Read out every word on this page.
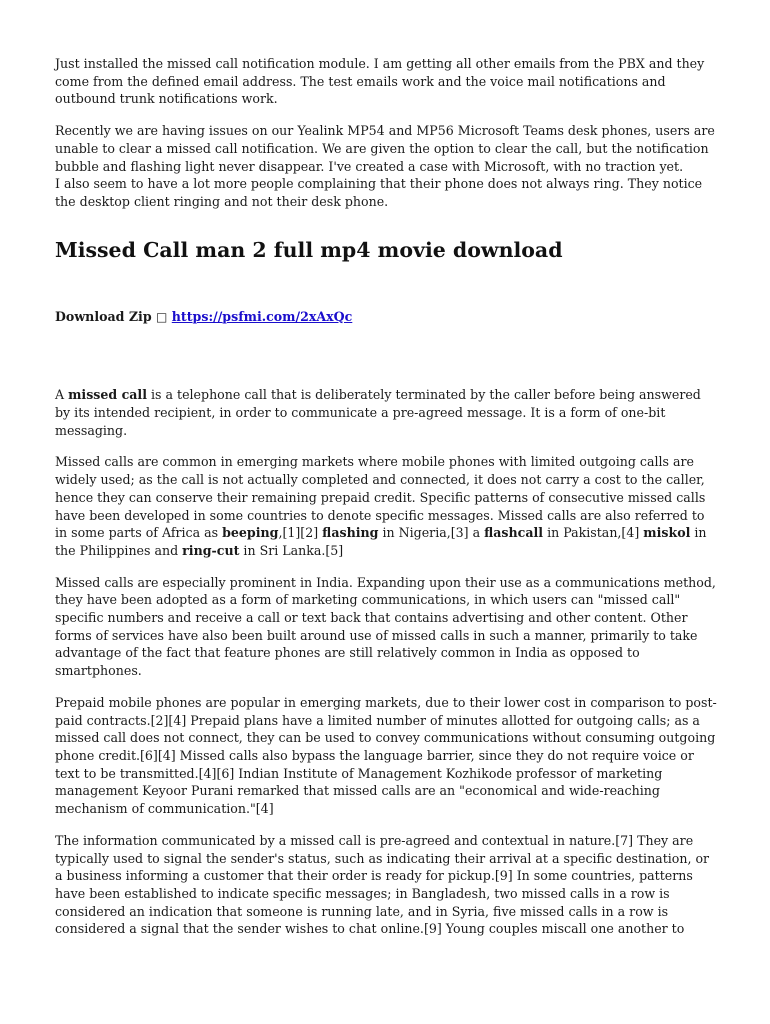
Just installed the missed call notification module. I am getting all other emails from the PBX and they come from the defined email address. The test emails work and the voice mail notifications and outbound trunk notifications work.

Recently we are having issues on our Yealink MP54 and MP56 Microsoft Teams desk phones, users are unable to clear a missed call notification. We are given the option to clear the call, but the notification bubble and flashing light never disappear. I've created a case with Microsoft, with no traction yet.

I also seem to have a lot more people complaining that their phone does not always ring. They notice the desktop client ringing and not their desk phone.

Missed Call man 2 full mp4 movie download
Download Zip □ https://psfmi.com/2xAxQc

A missed call is a telephone call that is deliberately terminated by the caller before being answered by its intended recipient, in order to communicate a pre-agreed message. It is a form of one-bit messaging.

Missed calls are common in emerging markets where mobile phones with limited outgoing calls are widely used; as the call is not actually completed and connected, it does not carry a cost to the caller, hence they can conserve their remaining prepaid credit. Specific patterns of consecutive missed calls have been developed in some countries to denote specific messages. Missed calls are also referred to in some parts of Africa as beeping,[1][2] flashing in Nigeria,[3] a flashcall in Pakistan,[4] miskol in the Philippines and ring-cut in Sri Lanka.[5]

Missed calls are especially prominent in India. Expanding upon their use as a communications method, they have been adopted as a form of marketing communications, in which users can "missed call" specific numbers and receive a call or text back that contains advertising and other content. Other forms of services have also been built around use of missed calls in such a manner, primarily to take advantage of the fact that feature phones are still relatively common in India as opposed to smartphones.

Prepaid mobile phones are popular in emerging markets, due to their lower cost in comparison to post-paid contracts.[2][4] Prepaid plans have a limited number of minutes allotted for outgoing calls; as a missed call does not connect, they can be used to convey communications without consuming outgoing phone credit.[6][4] Missed calls also bypass the language barrier, since they do not require voice or text to be transmitted.[4][6] Indian Institute of Management Kozhikode professor of marketing management Keyoor Purani remarked that missed calls are an "economical and wide-reaching mechanism of communication."[4]

The information communicated by a missed call is pre-agreed and contextual in nature.[7] They are typically used to signal the sender's status, such as indicating their arrival at a specific destination, or a business informing a customer that their order is ready for pickup.[9] In some countries, patterns have been established to indicate specific messages; in Bangladesh, two missed calls in a row is considered an indication that someone is running late, and in Syria, five missed calls in a row is considered a signal that the sender wishes to chat online.[9] Young couples miscall one another to
